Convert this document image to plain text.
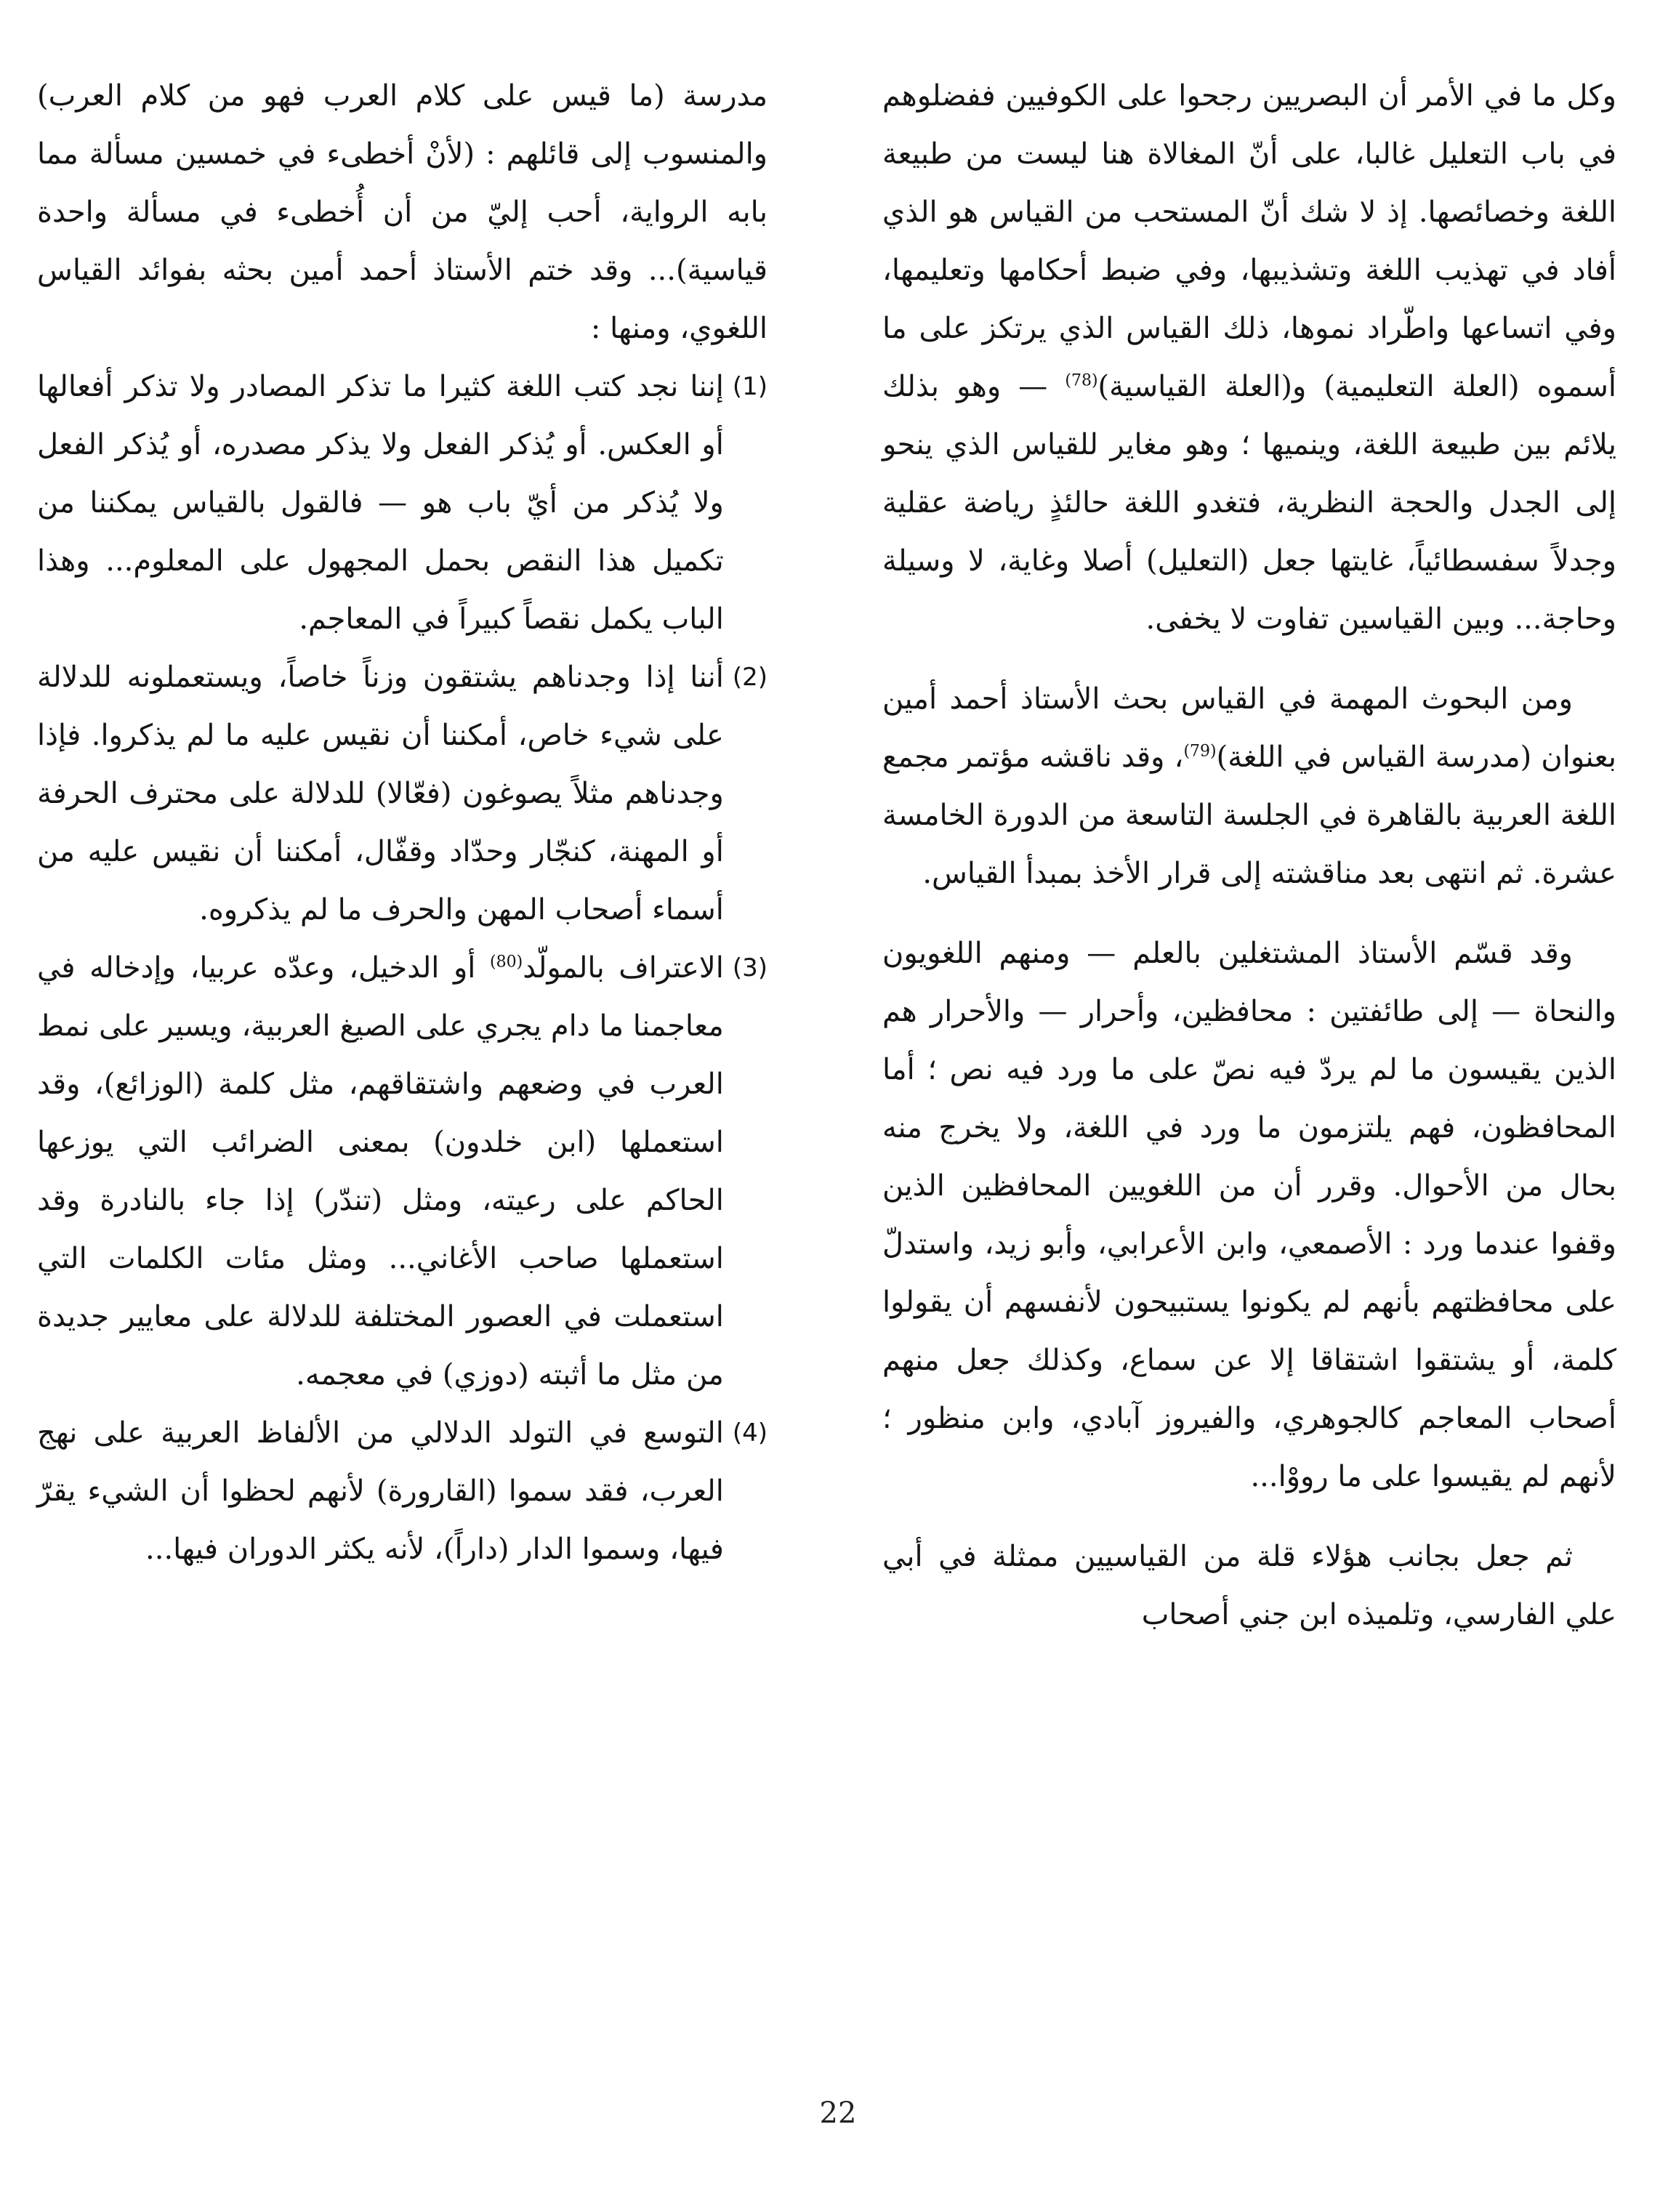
وكل ما في الأمر أن البصريين رجحوا على الكوفيين ففضلوهم في باب التعليل غالبا، على أنّ المغالاة هنا ليست من طبيعة اللغة وخصائصها. إذ لا شك أنّ المستحب من القياس هو الذي أفاد في تهذيب اللغة وتشذيبها، وفي ضبط أحكامها وتعليمها، وفي اتساعها واطّراد نموها، ذلك القياس الذي يرتكز على ما أسموه (العلة التعليمية) و(العلة القياسية)$^{(78)}$ — وهو بذلك يلائم بين طبيعة اللغة، وينميها ؛ وهو مغاير للقياس الذي ينحو إلى الجدل والحجة النظرية، فتغدو اللغة حالئذٍ رياضة عقلية وجدلاً سفسطائياً، غايتها جعل (التعليل) أصلا وغاية، لا وسيلة وحاجة... وبين القياسين تفاوت لا يخفى.

ومن البحوث المهمة في القياس بحث الأستاذ أحمد أمين بعنوان (مدرسة القياس في اللغة)$^{(79)}$، وقد ناقشه مؤتمر مجمع اللغة العربية بالقاهرة في الجلسة التاسعة من الدورة الخامسة عشرة. ثم انتهى بعد مناقشته إلى قرار الأخذ بمبدأ القياس.

وقد قسّم الأستاذ المشتغلين بالعلم — ومنهم اللغويون والنحاة — إلى طائفتين : محافظين، وأحرار — والأحرار هم الذين يقيسون ما لم يردّ فيه نصّ على ما ورد فيه نص ؛ أما المحافظون، فهم يلتزمون ما ورد في اللغة، ولا يخرج منه بحال من الأحوال. وقرر أن من اللغويين المحافظين الذين وقفوا عندما ورد : الأصمعي، وابن الأعرابي، وأبو زيد، واستدلّ على محافظتهم بأنهم لم يكونوا يستبيحون لأنفسهم أن يقولوا كلمة، أو يشتقوا اشتقاقا إلا عن سماع، وكذلك جعل منهم أصحاب المعاجم كالجوهري، والفيروز آبادي، وابن منظور ؛ لأنهم لم يقيسوا على ما رووْا...

ثم جعل بجانب هؤلاء قلة من القياسيين ممثلة في أبي علي الفارسي، وتلميذه ابن جني أصحاب

مدرسة (ما قيس على كلام العرب فهو من كلام العرب) والمنسوب إلى قائلهم : (لأنْ أخطىء في خمسين مسألة مما بابه الرواية، أحب إليّ من أن أُخطىء في مسألة واحدة قياسية)... وقد ختم الأستاذ أحمد أمين بحثه بفوائد القياس اللغوي، ومنها :

(1)
إننا نجد كتب اللغة كثيرا ما تذكر المصادر ولا تذكر أفعالها أو العكس. أو يُذكر الفعل ولا يذكر مصدره، أو يُذكر الفعل ولا يُذكر من أيّ باب هو — فالقول بالقياس يمكننا من تكميل هذا النقص بحمل المجهول على المعلوم... وهذا الباب يكمل نقصاً كبيراً في المعاجم.
(2)
أننا إذا وجدناهم يشتقون وزناً خاصاً، ويستعملونه للدلالة على شيء خاص، أمكننا أن نقيس عليه ما لم يذكروا. فإذا وجدناهم مثلاً يصوغون (فعّالا) للدلالة على محترف الحرفة أو المهنة، كنجّار وحدّاد وقفّال، أمكننا أن نقيس عليه من أسماء أصحاب المهن والحرف ما لم يذكروه.
(3)
الاعتراف بالمولّد$^{(80)}$ أو الدخيل، وعدّه عربيا، وإدخاله في معاجمنا ما دام يجري على الصيغ العربية، ويسير على نمط العرب في وضعهم واشتقاقهم، مثل كلمة (الوزائع)، وقد استعملها (ابن خلدون) بمعنى الضرائب التي يوزعها الحاكم على رعيته، ومثل (تندّر) إذا جاء بالنادرة وقد استعملها صاحب الأغاني... ومثل مئات الكلمات التي استعملت في العصور المختلفة للدلالة على معايير جديدة من مثل ما أثبته (دوزي) في معجمه.
(4)
التوسع في التولد الدلالي من الألفاظ العربية على نهج العرب، فقد سموا (القارورة) لأنهم لحظوا أن الشيء يقرّ فيها، وسموا الدار (داراً)، لأنه يكثر الدوران فيها...
22
